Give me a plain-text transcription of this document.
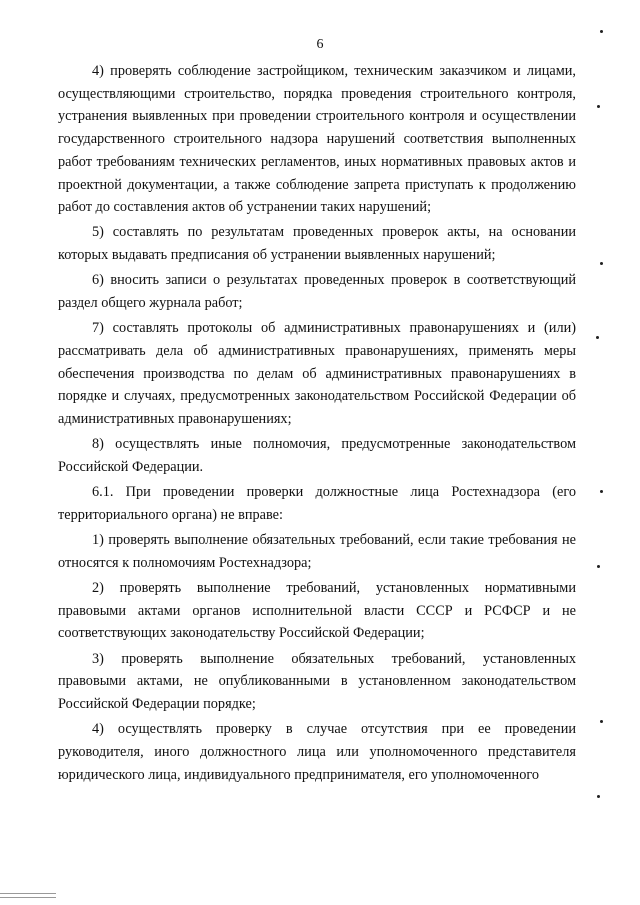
6

4) проверять соблюдение застройщиком, техническим заказчиком и лицами, осуществляющими строительство, порядка проведения строительного контроля, устранения выявленных при проведении строительного контроля и осуществлении государственного строительного надзора нарушений соответствия выполненных работ требованиям технических регламентов, иных нормативных правовых актов и проектной документации, а также соблюдение запрета приступать к продолжению работ до составления актов об устранении таких нарушений;

5) составлять по результатам проведенных проверок акты, на основании которых выдавать предписания об устранении выявленных нарушений;

6) вносить записи о результатах проведенных проверок в соответствующий раздел общего журнала работ;

7) составлять протоколы об административных правонарушениях и (или) рассматривать дела об административных правонарушениях, применять меры обеспечения производства по делам об административных правонарушениях в порядке и случаях, предусмотренных законодательством Российской Федерации об административных правонарушениях;

8) осуществлять иные полномочия, предусмотренные законодательством Российской Федерации.

6.1. При проведении проверки должностные лица Ростехнадзора (его территориального органа) не вправе:

1) проверять выполнение обязательных требований, если такие требования не относятся к полномочиям Ростехнадзора;

2) проверять выполнение требований, установленных нормативными правовыми актами органов исполнительной власти СССР и РСФСР и не соответствующих законодательству Российской Федерации;

3) проверять выполнение обязательных требований, установленных правовыми актами, не опубликованными в установленном законодательством Российской Федерации порядке;

4) осуществлять проверку в случае отсутствия при ее проведении руководителя, иного должностного лица или уполномоченного представителя юридического лица, индивидуального предпринимателя, его уполномоченного
